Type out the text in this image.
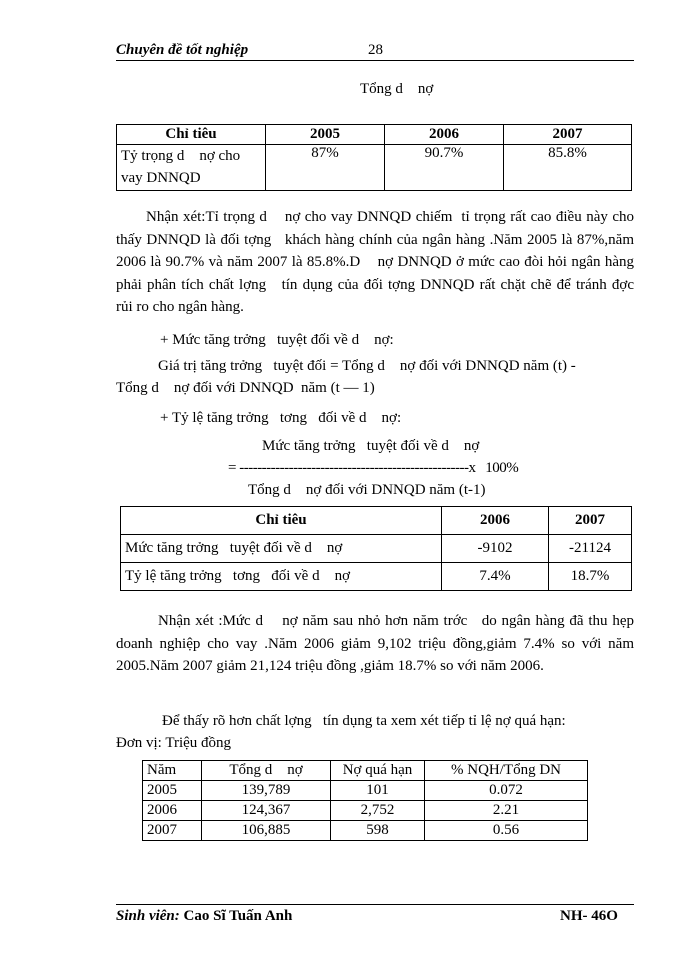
Chuyên đề tốt nghiệp	28
Tổng d    nợ
Chỉ tiêu	2005	2006	2007
Tỷ trọng d    nợ cho vay DNNQD	87%	90.7%	85.8%
Nhận xét:Tỉ trọng d    nợ cho vay DNNQD chiếm  tỉ trọng rất cao điều này cho thấy DNNQD là đối tợng   khách hàng chính của ngân hàng .Năm 2005 là 87%,năm 2006 là 90.7% và năm 2007 là 85.8%.D    nợ DNNQD ở mức cao đòi hỏi ngân hàng phải phân tích chất lợng   tín dụng của đối tợng DNNQD rất chặt chẽ để tránh đợc   rủi ro cho ngân hàng.
+ Mức tăng trởng   tuyệt đối về d    nợ:
Giá trị tăng trởng   tuyệt đối = Tổng d    nợ đối với DNNQD năm (t) -
Tổng d    nợ đối với DNNQD  năm (t — 1)
+ Tỷ lệ tăng trởng   tơng   đối về d    nợ:
Mức tăng trởng   tuyệt đối về d    nợ
= ---------------------------------------------------x   100%
Tổng d    nợ đối với DNNQD năm (t-1)
Chỉ tiêu	2006	2007
Mức tăng trởng   tuyệt đối về d    nợ	-9102	-21124
Tỷ lệ tăng trởng   tơng   đối về d    nợ	7.4%	18.7%
Nhận xét :Mức d    nợ năm sau nhỏ hơn năm trớc   do ngân hàng đã thu hẹp doanh nghiệp cho vay .Năm 2006 giảm 9,102 triệu đồng,giảm 7.4% so với năm 2005.Năm 2007 giảm 21,124 triệu đồng ,giảm 18.7% so với năm 2006.
Để thấy rõ hơn chất lợng   tín dụng ta xem xét tiếp tỉ lệ nợ quá hạn:
Đơn vị: Triệu đồng
Năm	Tổng d    nợ	Nợ quá hạn	% NQH/Tổng DN
2005	139,789	101	0.072
2006	124,367	2,752	2.21
2007	106,885	598	0.56
Sinh viên: Cao Sĩ Tuấn Anh	NH- 46O
